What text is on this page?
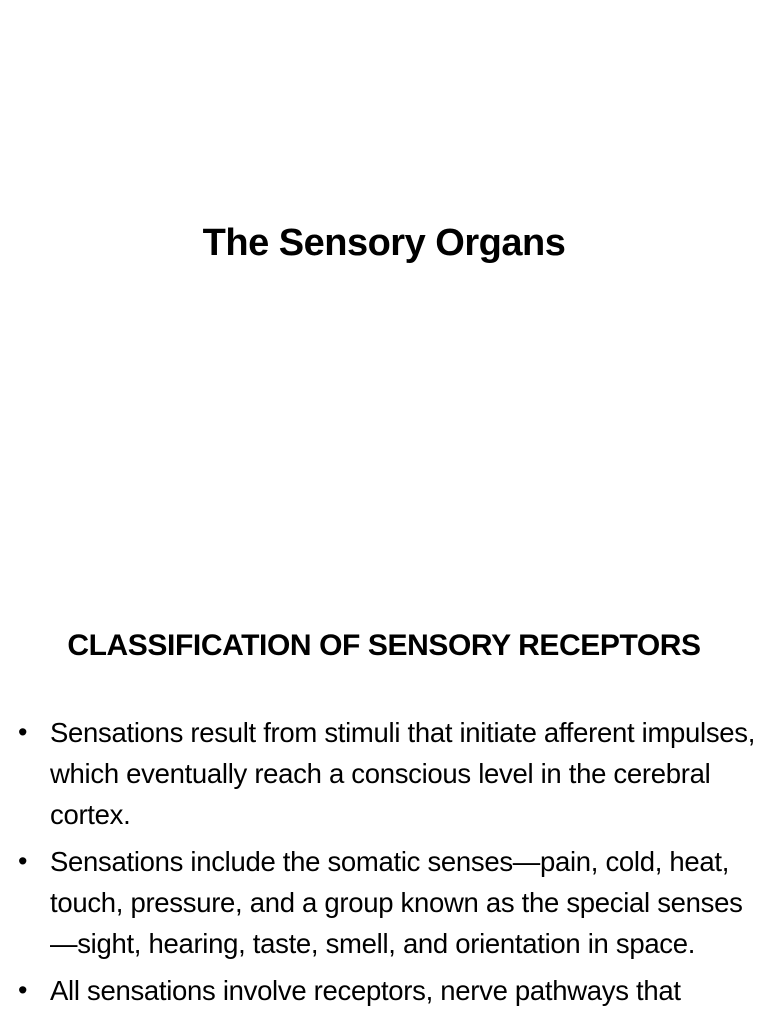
The Sensory Organs
CLASSIFICATION OF SENSORY RECEPTORS
• Sensations result from stimuli that initiate afferent impulses, which eventually reach a conscious level in the cerebral cortex.
• Sensations include the somatic senses—pain, cold, heat, touch, pressure, and a group known as the special senses—sight, hearing, taste, smell, and orientation in space.
• All sensations involve receptors, nerve pathways that
